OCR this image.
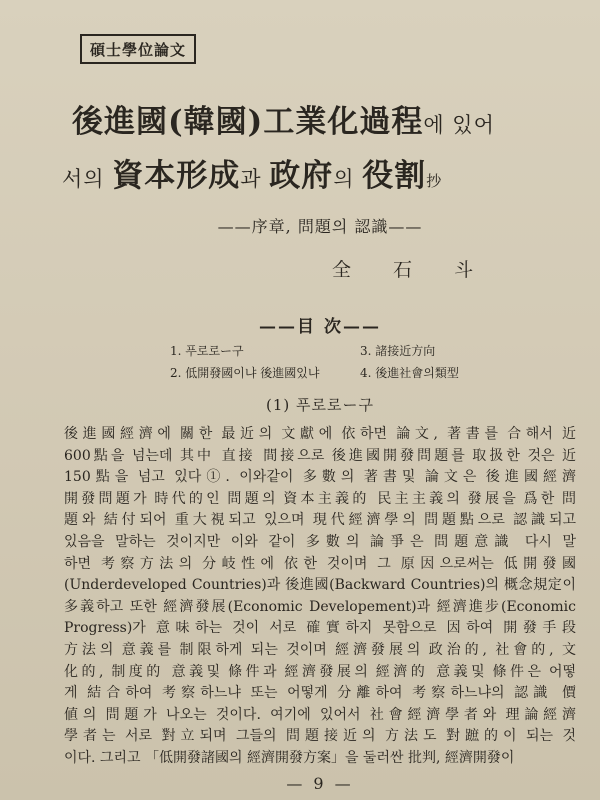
碩士學位論文
後進國(韓國)工業化過程에 있어
서의 資本形成과 政府의 役割抄
——序章, 問題의 認識——
全 石 斗
——目 次——
1. 푸로로ー구	3. 諸接近方向
2. 低開發國이냐 後進國있냐	4. 後進社會의類型
(1) 푸로로ー구
後進國經濟에 關한 最近의 文獻에 依하면 論文, 著書를 合해서 近
600點을 넘는데 其中 直接 間接으로 後進國開發問題를 取扱한 것은 近
150點을 넘고 있다①. 이와같이 多數의 著書및 論文은 後進國經濟
開發問題가 時代的인 問題의 資本主義的 民主主義의 發展을 爲한 問
題와 結付되어 重大視되고 있으며 現代經濟學의 問題點으로 認識되고
있음을 말하는 것이지만 이와 같이 多數의 論爭은 問題意識 다시 말
하면 考察方法의 分岐性에 依한 것이며 그 原因으로써는 低開發國
(Underdeveloped Countries)과 後進國(Backward Countries)의 概念規定이
多義하고 또한 經濟發展(Economic Developement)과 經濟進步(Economic
Progress)가 意味하는 것이 서로 確實하지 못함으로 因하여 開發手段
方法의 意義를 制限하게 되는 것이며 經濟發展의 政治的, 社會的, 文
化的, 制度的 意義및 條件과 經濟發展의 經濟的 意義및 條件은 어떻
게 結合하여 考察하느냐 또는 어떻게 分離하여 考察하느냐의 認識 價
値의 問題가 나오는 것이다. 여기에 있어서 社會經濟學者와 理論經濟
學者는 서로 對立되며 그들의 問題接近의 方法도 對蹠的이 되는 것
이다. 그리고 「低開發諸國의 經濟開發方案」을 둘러싼 批判, 經濟開發이
— 9 —
